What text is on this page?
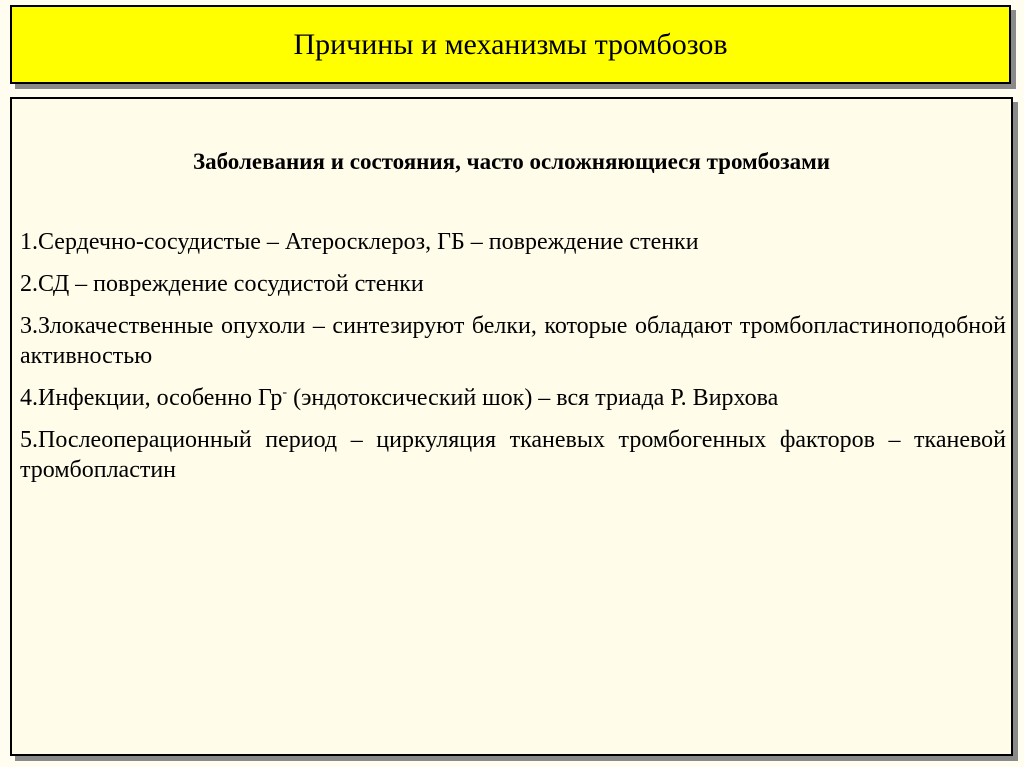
Причины и механизмы тромбозов
Заболевания и состояния, часто осложняющиеся тромбозами

1.Сердечно-сосудистые – Атеросклероз, ГБ – повреждение стенки

2.СД – повреждение сосудистой стенки

3.Злокачественные опухоли – синтезируют белки, которые обладают тромбопластиноподобной активностью

4.Инфекции, особенно Гр- (эндотоксический шок) – вся триада Р. Вирхова

5.Послеоперационный период – циркуляция тканевых тромбогенных факторов – тканевой тромбопластин
